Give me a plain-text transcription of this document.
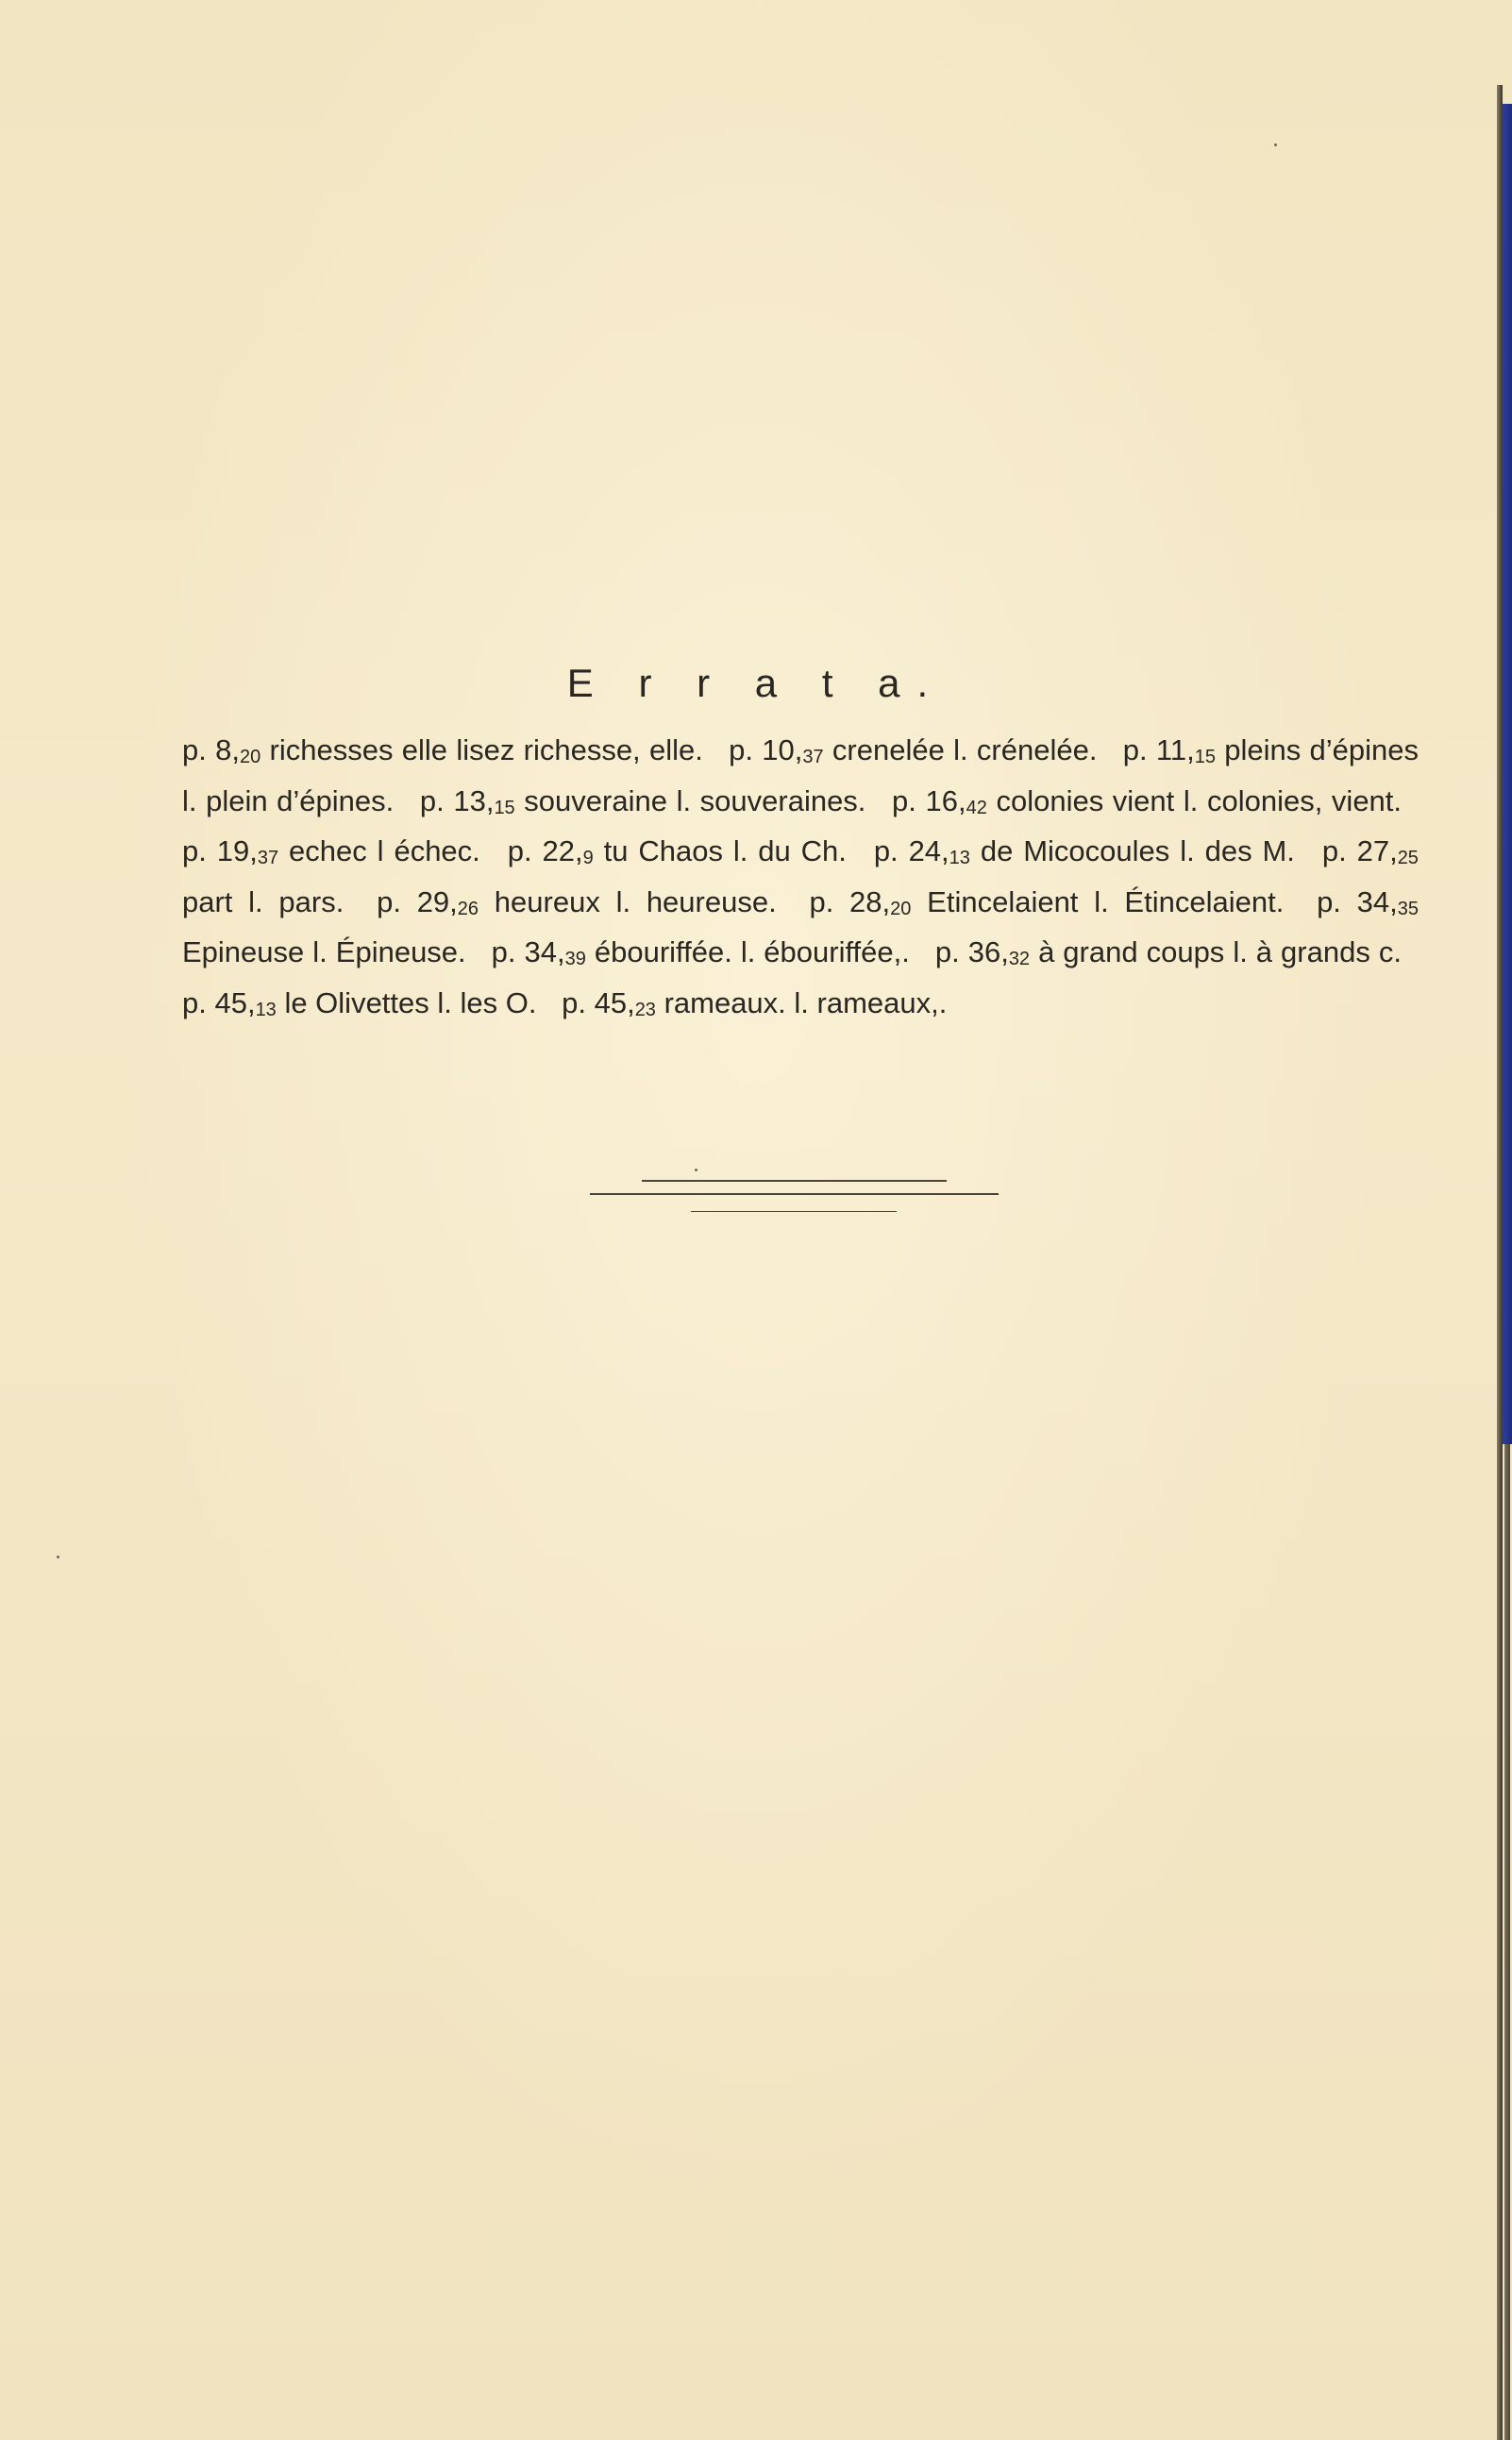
E r r a t a.
p. 8,20 richesses elle lisez richesse, elle. p. 10,37 crenelée l. crénelée. p. 11,15 pleins d’épines l. plein d’épines. p. 13,15 souveraine l. souveraines. p. 16,42 colonies vient l. colonies, vient. p. 19,37 echec l échec. p. 22,9 tu Chaos l. du Ch. p. 24,13 de Micocoules l. des M. p. 27,25 part l. pars. p. 29,26 heureux l. heureuse. p. 28,20 Etincelaient l. Étincelaient. p. 34,35 Epineuse l. Épineuse. p. 34,39 ébouriffée. l. ébouriffée,. p. 36,32 à grand coups l. à grands c. p. 45,13 le Olivettes l. les O. p. 45,23 rameaux. l. rameaux,.
